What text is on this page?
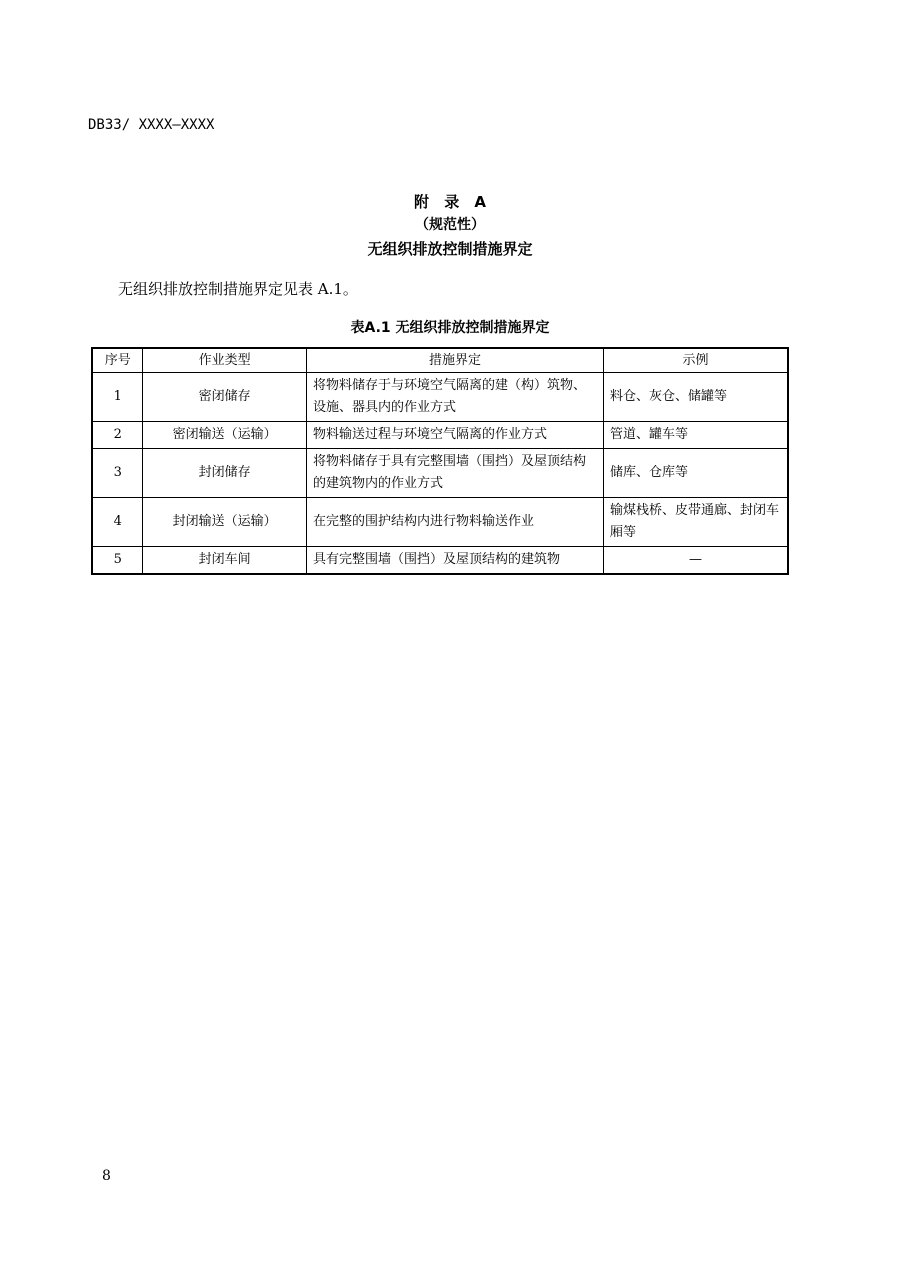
DB33/ XXXX—XXXX
附 录 A
（规范性）
无组织排放控制措施界定
无组织排放控制措施界定见表 A.1。
表A.1 无组织排放控制措施界定
序号	作业类型	措施界定	示例
1	密闭储存	将物料储存于与环境空气隔离的建（构）筑物、设施、器具内的作业方式	料仓、灰仓、储罐等
2	密闭输送（运输）	物料输送过程与环境空气隔离的作业方式	管道、罐车等
3	封闭储存	将物料储存于具有完整围墙（围挡）及屋顶结构的建筑物内的作业方式	储库、仓库等
4	封闭输送（运输）	在完整的围护结构内进行物料输送作业	输煤栈桥、皮带通廊、封闭车厢等
5	封闭车间	具有完整围墙（围挡）及屋顶结构的建筑物	—
8
